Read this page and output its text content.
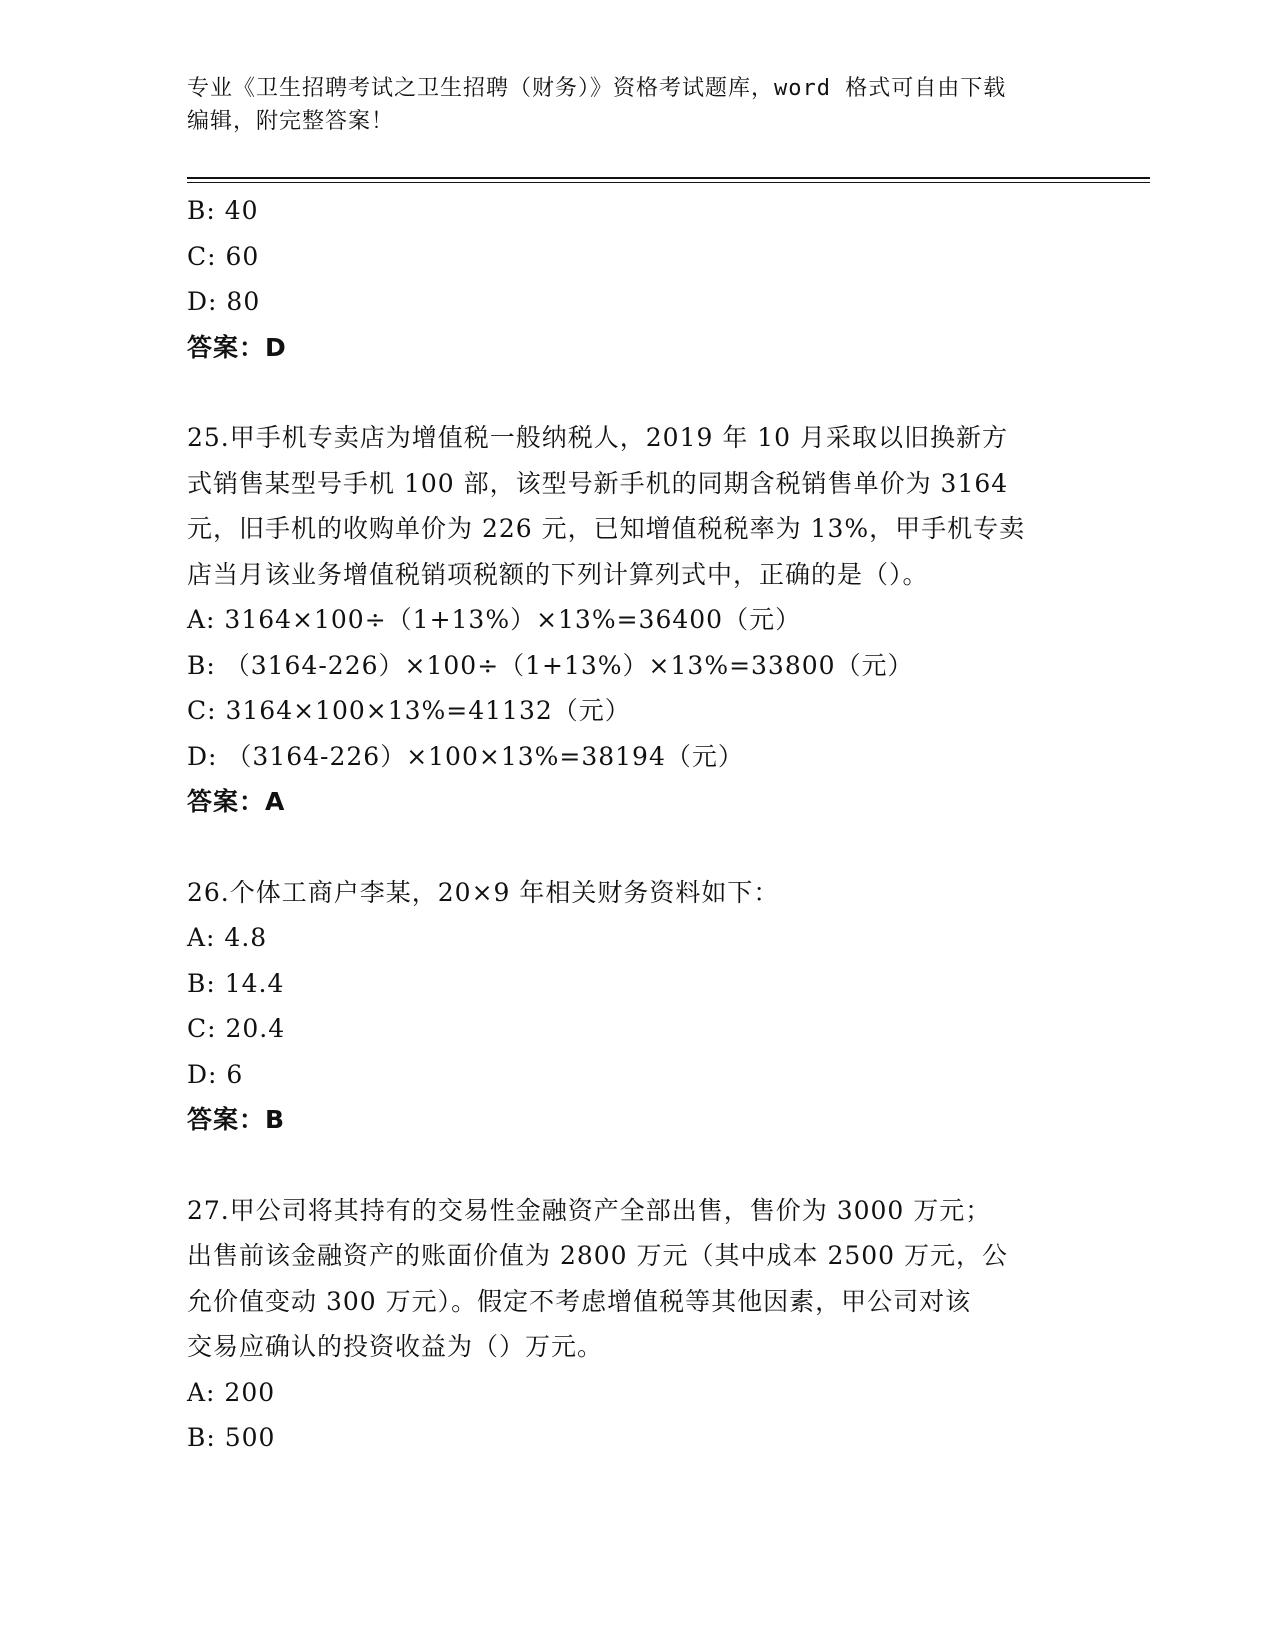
专业《卫生招聘考试之卫生招聘（财务）》资格考试题库，word 格式可自由下载
编辑，附完整答案！
B: 40
C: 60
D: 80
答案：D
25.甲手机专卖店为增值税一般纳税人，2019 年 10 月采取以旧换新方
式销售某型号手机 100 部，该型号新手机的同期含税销售单价为 3164
元，旧手机的收购单价为 226 元，已知增值税税率为 13%，甲手机专卖
店当月该业务增值税销项税额的下列计算列式中，正确的是（）。
A: 3164×100÷（1+13%）×13%=36400（元）
B: （3164-226）×100÷（1+13%）×13%=33800（元）
C: 3164×100×13%=41132（元）
D: （3164-226）×100×13%=38194（元）
答案：A
26.个体工商户李某，20×9 年相关财务资料如下：
A: 4.8
B: 14.4
C: 20.4
D: 6
答案：B
27.甲公司将其持有的交易性金融资产全部出售，售价为 3000 万元；
出售前该金融资产的账面价值为 2800 万元（其中成本 2500 万元，公
允价值变动 300 万元）。假定不考虑增值税等其他因素，甲公司对该
交易应确认的投资收益为（）万元。
A: 200
B: 500
